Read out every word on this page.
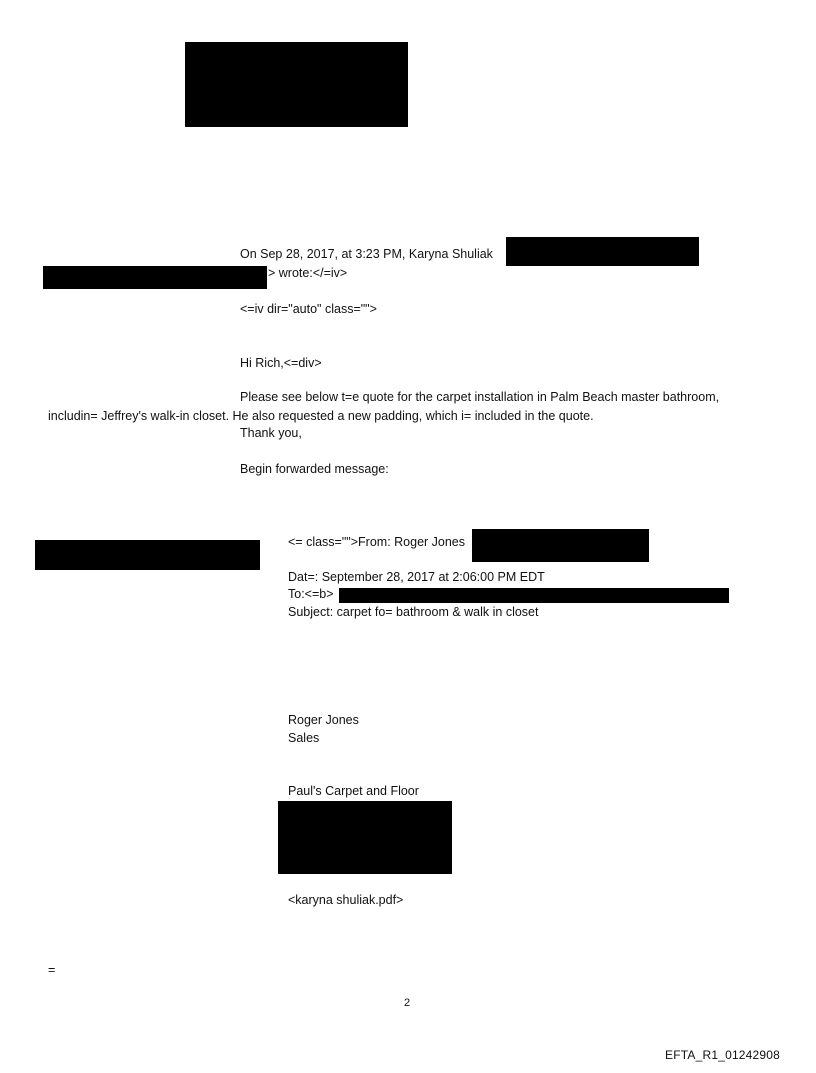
On Sep 28, 2017, at 3:23 PM, Karyna Shuliak
> wrote:</=iv>
<=iv dir="auto" class="">
Hi Rich,<=div>
Please see below t=e quote for the carpet installation in Palm Beach master bathroom,
includin= Jeffrey's walk-in closet. He also requested a new padding, which i= included in the quote.
Thank you,
Begin forwarded message:
<= class="">From: Roger Jones
Dat=: September 28, 2017 at 2:06:00 PM EDT
To:<=b>
Subject: carpet fo= bathroom & walk in closet
Roger Jones
Sales
Paul's Carpet and Floor
<karyna shuliak.pdf>
=
2
EFTA_R1_01242908
